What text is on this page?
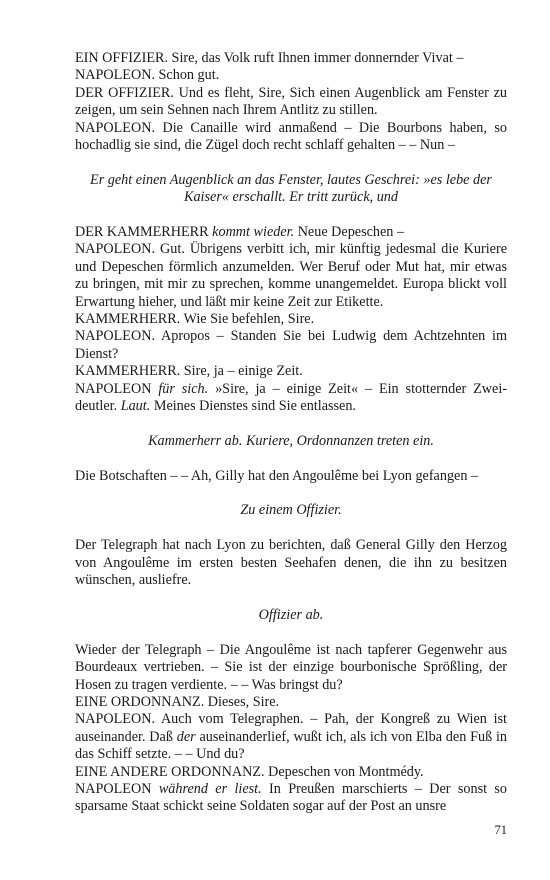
EIN OFFIZIER. Sire, das Volk ruft Ihnen immer donnernder Vivat –

NAPOLEON. Schon gut.

DER OFFIZIER. Und es fleht, Sire, Sich einen Augenblick am Fenster zu zeigen, um sein Sehnen nach Ihrem Antlitz zu stillen.

NAPOLEON. Die Canaille wird anmaßend – Die Bourbons haben, so hochadlig sie sind, die Zügel doch recht schlaff gehalten – – Nun –

Er geht einen Augenblick an das Fenster, lautes Geschrei: »es lebe der Kaiser« erschallt. Er tritt zurück, und

DER KAMMERHERR kommt wieder. Neue Depeschen –

NAPOLEON. Gut. Übrigens verbitt ich, mir künftig jedesmal die Kuriere und Depeschen förmlich anzumelden. Wer Beruf oder Mut hat, mir etwas zu bringen, mit mir zu sprechen, komme unangemeldet. Europa blickt voll Erwartung hieher, und läßt mir keine Zeit zur Etikette.

KAMMERHERR. Wie Sie befehlen, Sire.

NAPOLEON. Apropos – Standen Sie bei Ludwig dem Achtzehnten im Dienst?

KAMMERHERR. Sire, ja – einige Zeit.

NAPOLEON für sich. »Sire, ja – einige Zeit« – Ein stotternder Zweideutler. Laut. Meines Dienstes sind Sie entlassen.

Kammerherr ab. Kuriere, Ordonnanzen treten ein.

Die Botschaften – – Ah, Gilly hat den Angoulême bei Lyon gefangen –

Zu einem Offizier.

Der Telegraph hat nach Lyon zu berichten, daß General Gilly den Herzog von Angoulême im ersten besten Seehafen denen, die ihn zu besitzen wünschen, ausliefre.

Offizier ab.

Wieder der Telegraph – Die Angoulême ist nach tapferer Gegenwehr aus Bourdeaux vertrieben. – Sie ist der einzige bourbonische Sprößling, der Hosen zu tragen verdiente. – – Was bringst du?

EINE ORDONNANZ. Dieses, Sire.

NAPOLEON. Auch vom Telegraphen. – Pah, der Kongreß zu Wien ist auseinander. Daß der auseinanderlief, wußt ich, als ich von Elba den Fuß in das Schiff setzte. – – Und du?

EINE ANDERE ORDONNANZ. Depeschen von Montmédy.

NAPOLEON während er liest. In Preußen marschierts – Der sonst so sparsame Staat schickt seine Soldaten sogar auf der Post an unsre

71
